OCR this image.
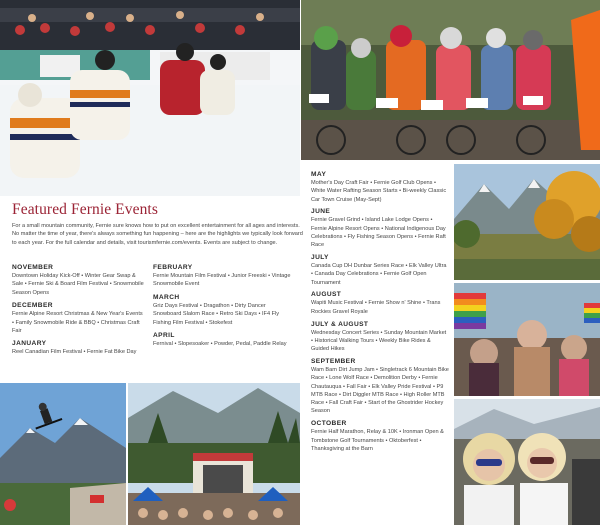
Featured Fernie Events
For a small mountain community, Fernie sure knows how to put on excellent entertainment for all ages and interests. No matter the time of year, there's always something fun happening – here are the highlights we typically look forward to each year. For the full calendar and details, visit tourismfernie.com/events. Events are subject to change.
NOVEMBER
Downtown Holiday Kick-Off • Winter Gear Swap & Sale • Fernie Ski & Board Film Festival • Snowmobile Season Opens
DECEMBER
Fernie Alpine Resort Christmas & New Year's Events • Family Snowmobile Ride & BBQ • Christmas Craft Fair
JANUARY
Reel Canadian Film Festival • Fernie Fat Bike Day
FEBRUARY
Fernie Mountain Film Festival • Junior Freeski • Vintage Snowmobile Event
MARCH
Griz Days Festival • Dragathon • Dirty Dancer Snowboard Slalom Race • Retro Ski Days • IF4 Fly Fishing Film Festival • Stokefest
APRIL
Fernival • Slopesoaker • Powder, Pedal, Paddle Relay
MAY
Mother's Day Craft Fair • Fernie Golf Club Opens • White Water Rafting Season Starts • Bi-weekly Classic Car Town Cruise (May-Sept)
JUNE
Fernie Gravel Grind • Island Lake Lodge Opens • Fernie Alpine Resort Opens • National Indigenous Day Celebrations • Fly Fishing Season Opens • Fernie Raft Race
JULY
Canada Cup DH Dunbar Series Race • Elk Valley Ultra • Canada Day Celebrations • Fernie Golf Open Tournament
AUGUST
Wapiti Music Festival • Fernie Show n' Shine • Trans Rockies Gravel Royale
JULY & AUGUST
Wednesday Concert Series • Sunday Mountain Market • Historical Walking Tours • Weekly Bike Rides & Guided Hikes
SEPTEMBER
Wam Bam Dirt Jump Jam • Singletrack 6 Mountain Bike Race • Lone Wolf Race • Demolition Derby • Fernie Chautauqua • Fall Fair • Elk Valley Pride Festival • P9 MTB Race • Dirt Diggler MTB Race • High Roller MTB Race • Fall Craft Fair • Start of the Ghostrider Hockey Season
OCTOBER
Fernie Half Marathon, Relay & 10K • Ironman Open & Tombstone Golf Tournaments • Oktoberfest • Thanksgiving at the Barn
